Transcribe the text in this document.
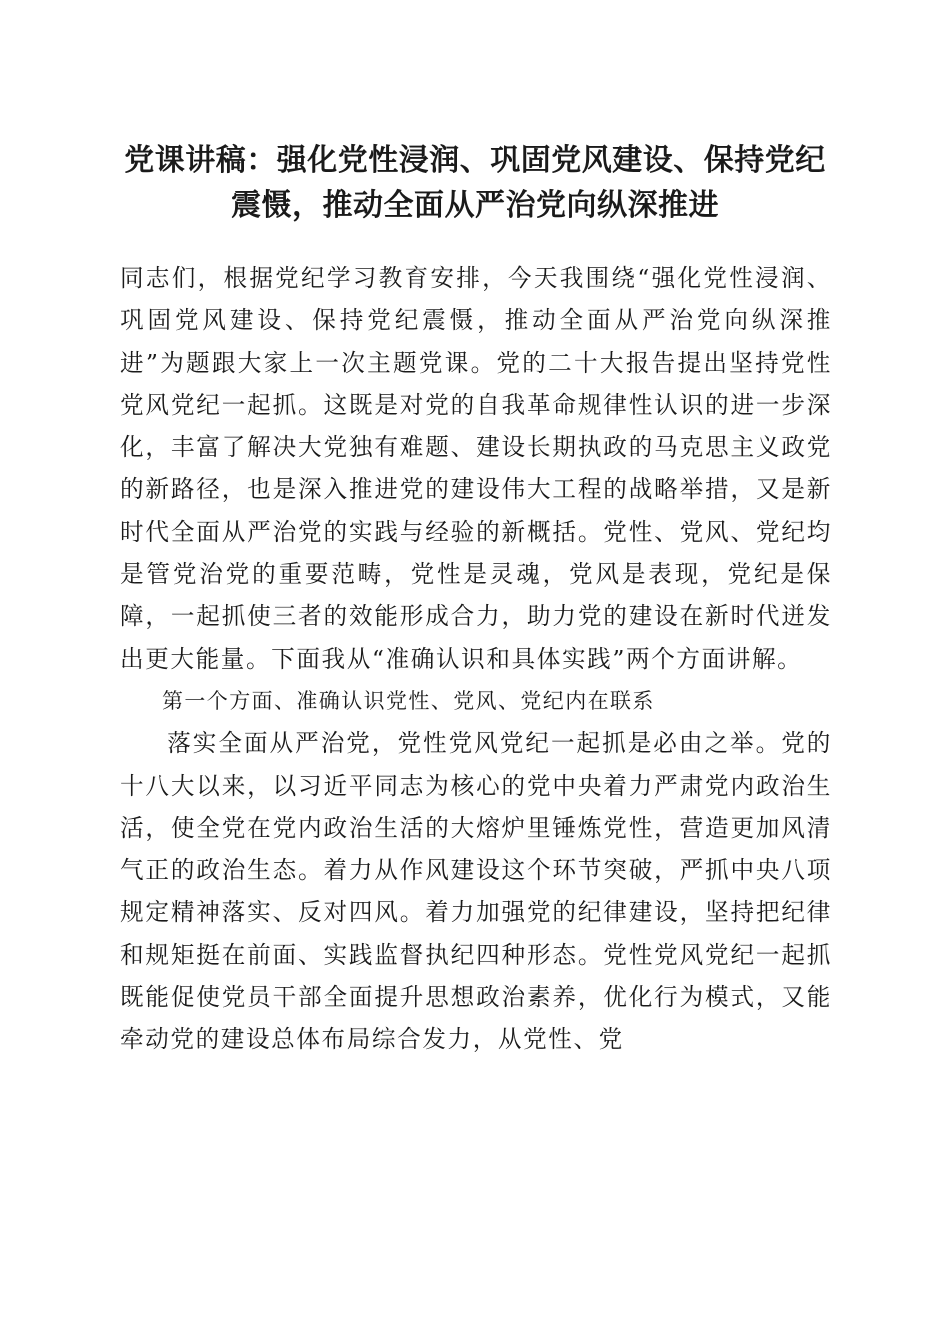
党课讲稿：强化党性浸润、巩固党风建设、保持党纪震慑，推动全面从严治党向纵深推进

同志们，根据党纪学习教育安排，今天我围绕“强化党性浸润、巩固党风建设、保持党纪震慑，推动全面从严治党向纵深推进”为题跟大家上一次主题党课。党的二十大报告提出坚持党性党风党纪一起抓。这既是对党的自我革命规律性认识的进一步深化，丰富了解决大党独有难题、建设长期执政的马克思主义政党的新路径，也是深入推进党的建设伟大工程的战略举措，又是新时代全面从严治党的实践与经验的新概括。党性、党风、党纪均是管党治党的重要范畴，党性是灵魂，党风是表现，党纪是保障，一起抓使三者的效能形成合力，助力党的建设在新时代迸发出更大能量。下面我从“准确认识和具体实践”两个方面讲解。

第一个方面、准确认识党性、党风、党纪内在联系

落实全面从严治党，党性党风党纪一起抓是必由之举。党的十八大以来，以习近平同志为核心的党中央着力严肃党内政治生活，使全党在党内政治生活的大熔炉里锤炼党性，营造更加风清气正的政治生态。着力从作风建设这个环节突破，严抓中央八项规定精神落实、反对四风。着力加强党的纪律建设，坚持把纪律和规矩挺在前面、实践监督执纪四种形态。党性党风党纪一起抓既能促使党员干部全面提升思想政治素养，优化行为模式，又能牵动党的建设总体布局综合发力，从党性、党
